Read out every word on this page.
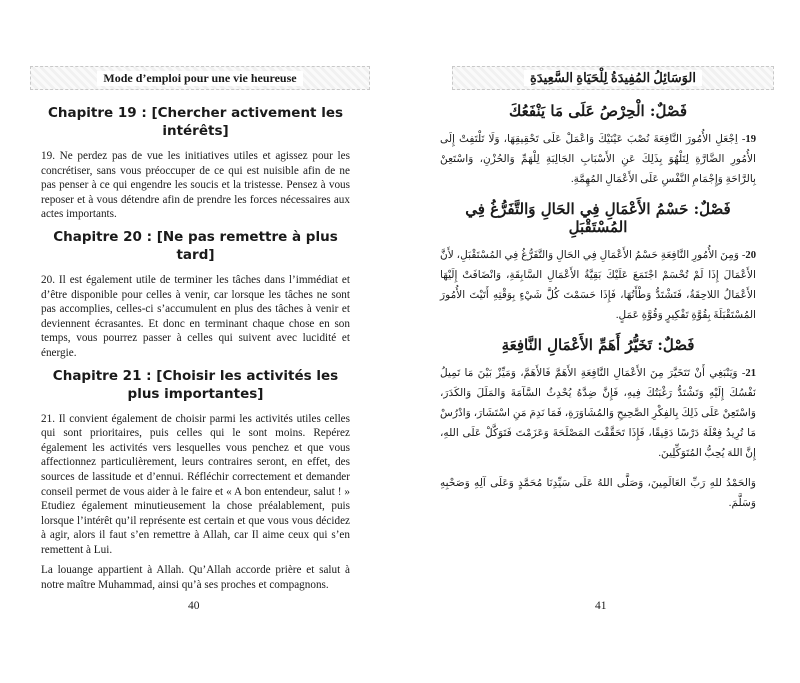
Mode d’emploi pour une vie heureuse
Chapitre 19 : [Chercher activement les intérêts]

19. Ne perdez pas de vue les initiatives utiles et agissez pour les concrétiser, sans vous préoccuper de ce qui est nuisible afin de ne pas penser à ce qui engendre les soucis et la tristesse. Pensez à vous reposer et à vous détendre afin de prendre les forces nécessaires aux actes importants.

Chapitre 20 : [Ne pas remettre à plus tard]

20. Il est également utile de terminer les tâches dans l’immédiat et d’être disponible pour celles à venir, car lorsque les tâches ne sont pas accomplies, celles-ci s’accumulent en plus des tâches à venir et deviennent écrasantes. Et donc en terminant chaque chose en son temps, vous pourrez passer à celles qui suivent avec lucidité et énergie.

Chapitre 21 : [Choisir les activités les plus importantes]

21. Il convient également de choisir parmi les activités utiles celles qui sont prioritaires, puis celles qui le sont moins. Repérez également les activités vers lesquelles vous penchez et que vous affectionnez particulièrement, leurs contraires seront, en effet, des sources de lassitude et d’ennui. Réfléchir correctement et demander conseil permet de vous aider à le faire et « A bon entendeur, salut ! » Etudiez également minutieusement la chose préalablement, puis lorsque l’intérêt qu’il représente est certain et que vous vous décidez à agir, alors il faut s’en remettre à Allah, car Il aime ceux qui s’en remettent à Lui.

La louange appartient à Allah. Qu’Allah accorde prière et salut à notre maître Muhammad, ainsi qu’à ses proches et compagnons.

40
الوَسَائِلُ المُفِيدَةُ لِلْحَيَاةِ السَّعِيدَةِ
فَصْلٌ: الْحِرْصُ عَلَى مَا يَنْفَعُكَ

19- اِجْعَلِ الأُمُورَ النَّافِعَةَ نُصْبَ عَيْنَيْكَ وَاعْمَلْ عَلَى تَحْقِيقِهَا، وَلَا تَلْتَفِتْ إِلَى الأُمُورِ الضَّارَّةِ لِتَلْهُوَ بِذَلِكَ عَنِ الأَسْبَابِ الجَالِبَةِ لِلْهَمِّ وَالحُزْنِ، وَاسْتَعِنْ بِالرَّاحَةِ وَإِجْمَامِ النَّفْسِ عَلَى الأَعْمَالِ المُهِمَّةِ.

فَصْلٌ: حَسْمُ الأَعْمَالِ فِي الحَالِ وَالتَّفَرُّغُ فِي المُسْتَقْبَلِ

20- وَمِنَ الأُمُورِ النَّافِعَةِ حَسْمُ الأَعْمَالِ فِي الحَالِ وَالتَّفَرُّغُ فِي المُسْتَقْبَلِ، لأَنَّ الأَعْمَالَ إِذَا لَمْ تُحْسَمْ اجْتَمَعَ عَلَيْكَ بَقِيَّةُ الأَعْمَالِ السَّابِقَةِ، وَانْضَافَتْ إِلَيْهَا الأَعْمَالُ اللاحِقَةُ، فَتَشْتَدُّ وَطْأَتُهَا، فَإِذَا حَسَمْتَ كُلَّ شَيْءٍ بِوَقْتِهِ أَتَيْتَ الأُمُورَ المُسْتَقْبَلَةَ بِقُوَّةِ تَفْكِيرٍ وَقُوَّةِ عَمَلٍ.

فَصْلٌ: تَخَيُّرُ أَهَمِّ الأَعْمَالِ النَّافِعَةِ

21- وَيَنْبَغِي أَنْ تَتَخَيَّرَ مِنَ الأَعْمَالِ النَّافِعَةِ الأَهَمَّ فَالأَهَمَّ، وَمَيِّزْ بَيْنَ مَا تَمِيلُ نَفْسُكَ إِلَيْهِ وَتَشْتَدُّ رَغْبَتُكَ فِيهِ، فَإِنَّ ضِدَّهُ يُحْدِثُ السَّآمَةَ وَالمَلَلَ وَالكَدَرَ، وَاسْتَعِنْ عَلَى ذَلِكَ بِالفِكْرِ الصَّحِيحِ وَالمُشَاوَرَةِ، فَمَا نَدِمَ مَنِ اسْتَشَارَ، وَادْرُسْ مَا تُرِيدُ فِعْلَهُ دَرْسًا دَقِيقًا، فَإِذَا تَحَقَّقْتَ المَصْلَحَةَ وَعَزَمْتَ فَتَوَكَّلْ عَلَى اللهِ، إِنَّ اللهَ يُحِبُّ المُتَوَكِّلِينَ.

وَالحَمْدُ للهِ رَبِّ العَالَمِينَ، وَصَلَّى اللهُ عَلَى سَيِّدِنَا مُحَمَّدٍ وَعَلَى آلِهِ وَصَحْبِهِ وَسَلَّمَ.

41
